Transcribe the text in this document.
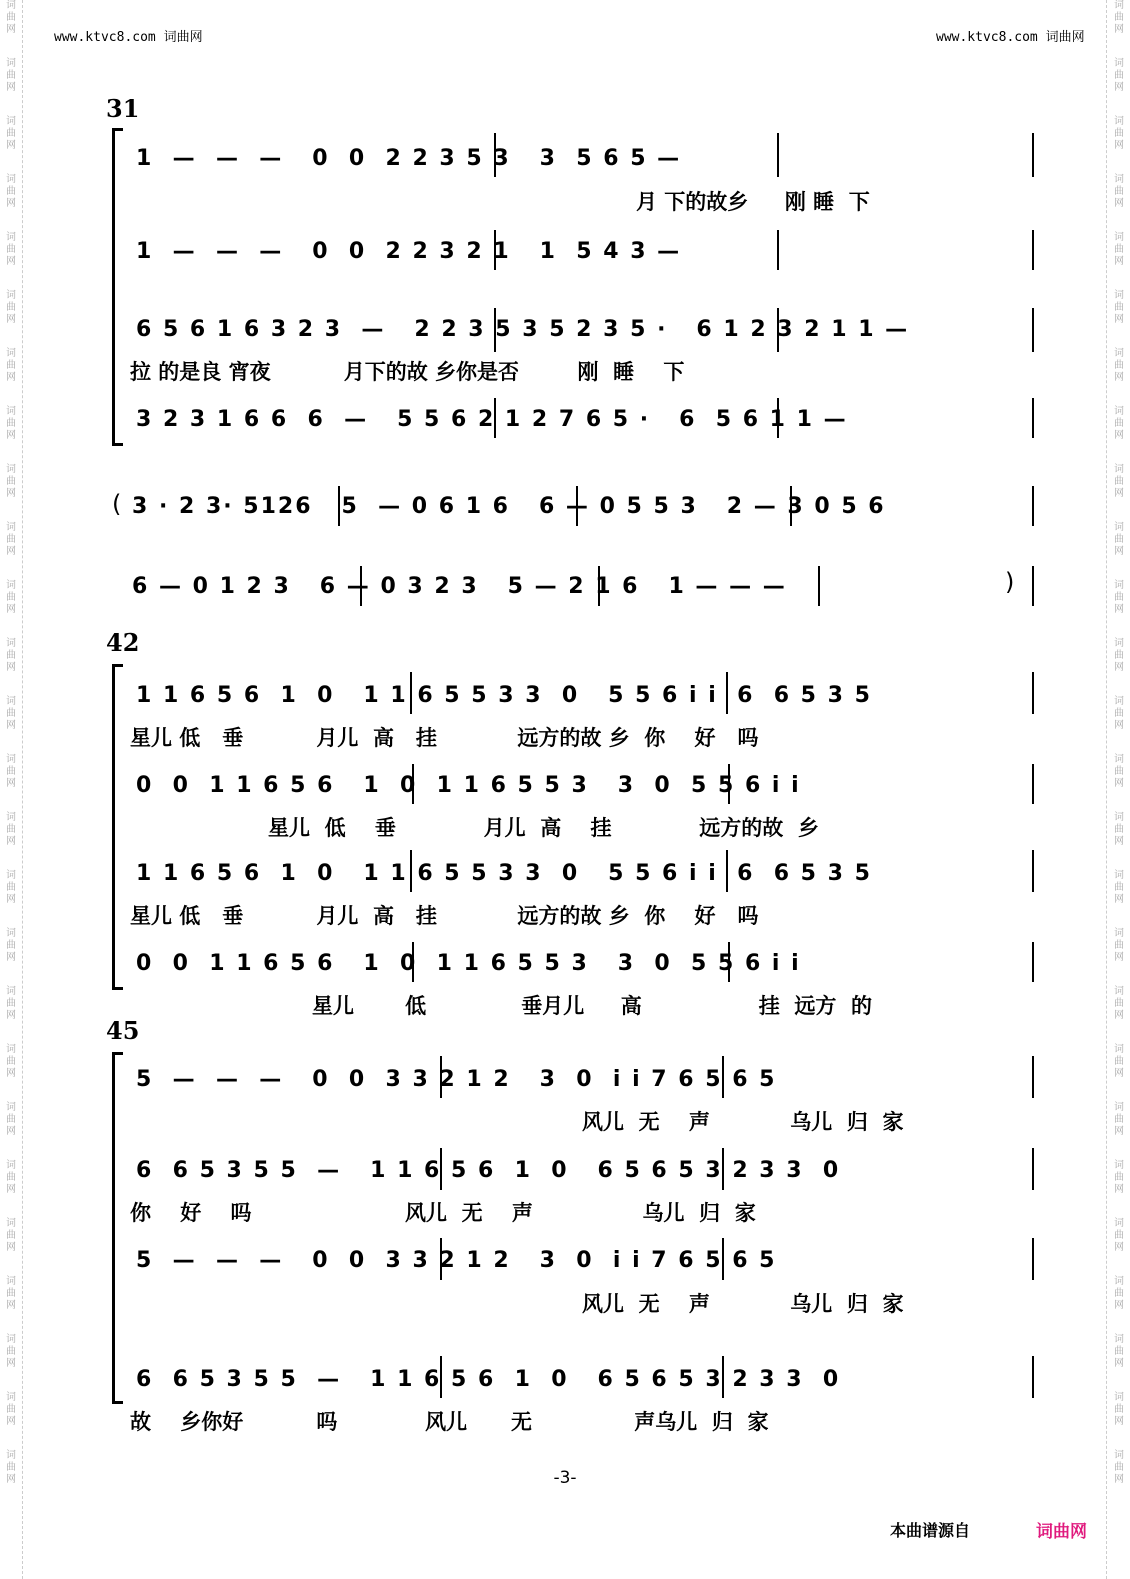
词
曲
网
词
曲
网
词
曲
网
词
曲
网
词
曲
网
词
曲
网
词
曲
网
词
曲
网
词
曲
网
词
曲
网
词
曲
网
词
曲
网
词
曲
网
词
曲
网
词
曲
网
词
曲
网
词
曲
网
词
曲
网
词
曲
网
词
曲
网
词
曲
网
词
曲
网
词
曲
网
词
曲
网
词
曲
网
词
曲
网
词
曲
网
词
曲
网
词
曲
网
词
曲
网
词
曲
网
词
曲
网
词
曲
网
词
曲
网
词
曲
网
词
曲
网
词
曲
网
词
曲
网
词
曲
网
词
曲
网
词
曲
网
词
曲
网
词
曲
网
词
曲
网
词
曲
网
词
曲
网
词
曲
网
词
曲
网
词
曲
网
词
曲
网
词
曲
网
词
曲
网
www.ktvc8.com 词曲网	www.ktvc8.com 词曲网
31
1  —  —  —   0  0  2 2 3 5 3   3  5 6 5 —
月 下的故乡     刚 睡  下
1  —  —  —   0  0  2 2 3 2 1   1  5 4 3 —
6 5 6 1 6 3 2 3  —   2 2 3 5 3 5 2 3 5 ·   6 1 2 3 2 1 1 —
拉 的是良 宵夜          月下的故 乡你是否        刚  睡    下
3 2 3 1 6 6  6  —   5 5 6 2 1 2 7 6 5 ·   6  5 6 1 1 —
( 3 · 2 3· 5126   5  — 0 6 1 6   6 — 0 5 5 3   2 — 3 0 5 6
6 — 0 1 2 3   6 — 0 3 2 3   5 — 2 1 6   1 — — —	)
42
1 1 6 5 6  1  0   1 1 6 5 5 3 3  0   5 5 6 i i  6  6 5 3 5
星儿 低   垂          月儿  高   挂           远方的故 乡  你    好   吗
0  0  1 1 6 5 6   1  0  1 1 6 5 5 3   3  0  5 5 6 i i
星儿  低    垂            月儿  高    挂            远方的故  乡
1 1 6 5 6  1  0   1 1 6 5 5 3 3  0   5 5 6 i i  6  6 5 3 5
星儿 低   垂          月儿  高   挂           远方的故 乡  你    好   吗
0  0  1 1 6 5 6   1  0  1 1 6 5 5 3   3  0  5 5 6 i i
星儿       低             垂月儿     高                挂  远方  的
45
5  —  —  —   0  0  3 3 2 1 2   3  0  i i 7 6 5 6 5
风儿  无    声           乌儿  归  家
6  6 5 3 5 5  —   1 1 6 5 6  1  0   6 5 6 5 3 2 3 3  0
你    好    吗                     风儿  无    声               乌儿  归  家
5  —  —  —   0  0  3 3 2 1 2   3  0  i i 7 6 5 6 5
风儿  无    声           乌儿  归  家
6  6 5 3 5 5  —   1 1 6 5 6  1  0   6 5 6 5 3 2 3 3  0
故    乡你好          吗            风儿      无              声乌儿  归  家
-3-
本曲谱源自	词曲网
